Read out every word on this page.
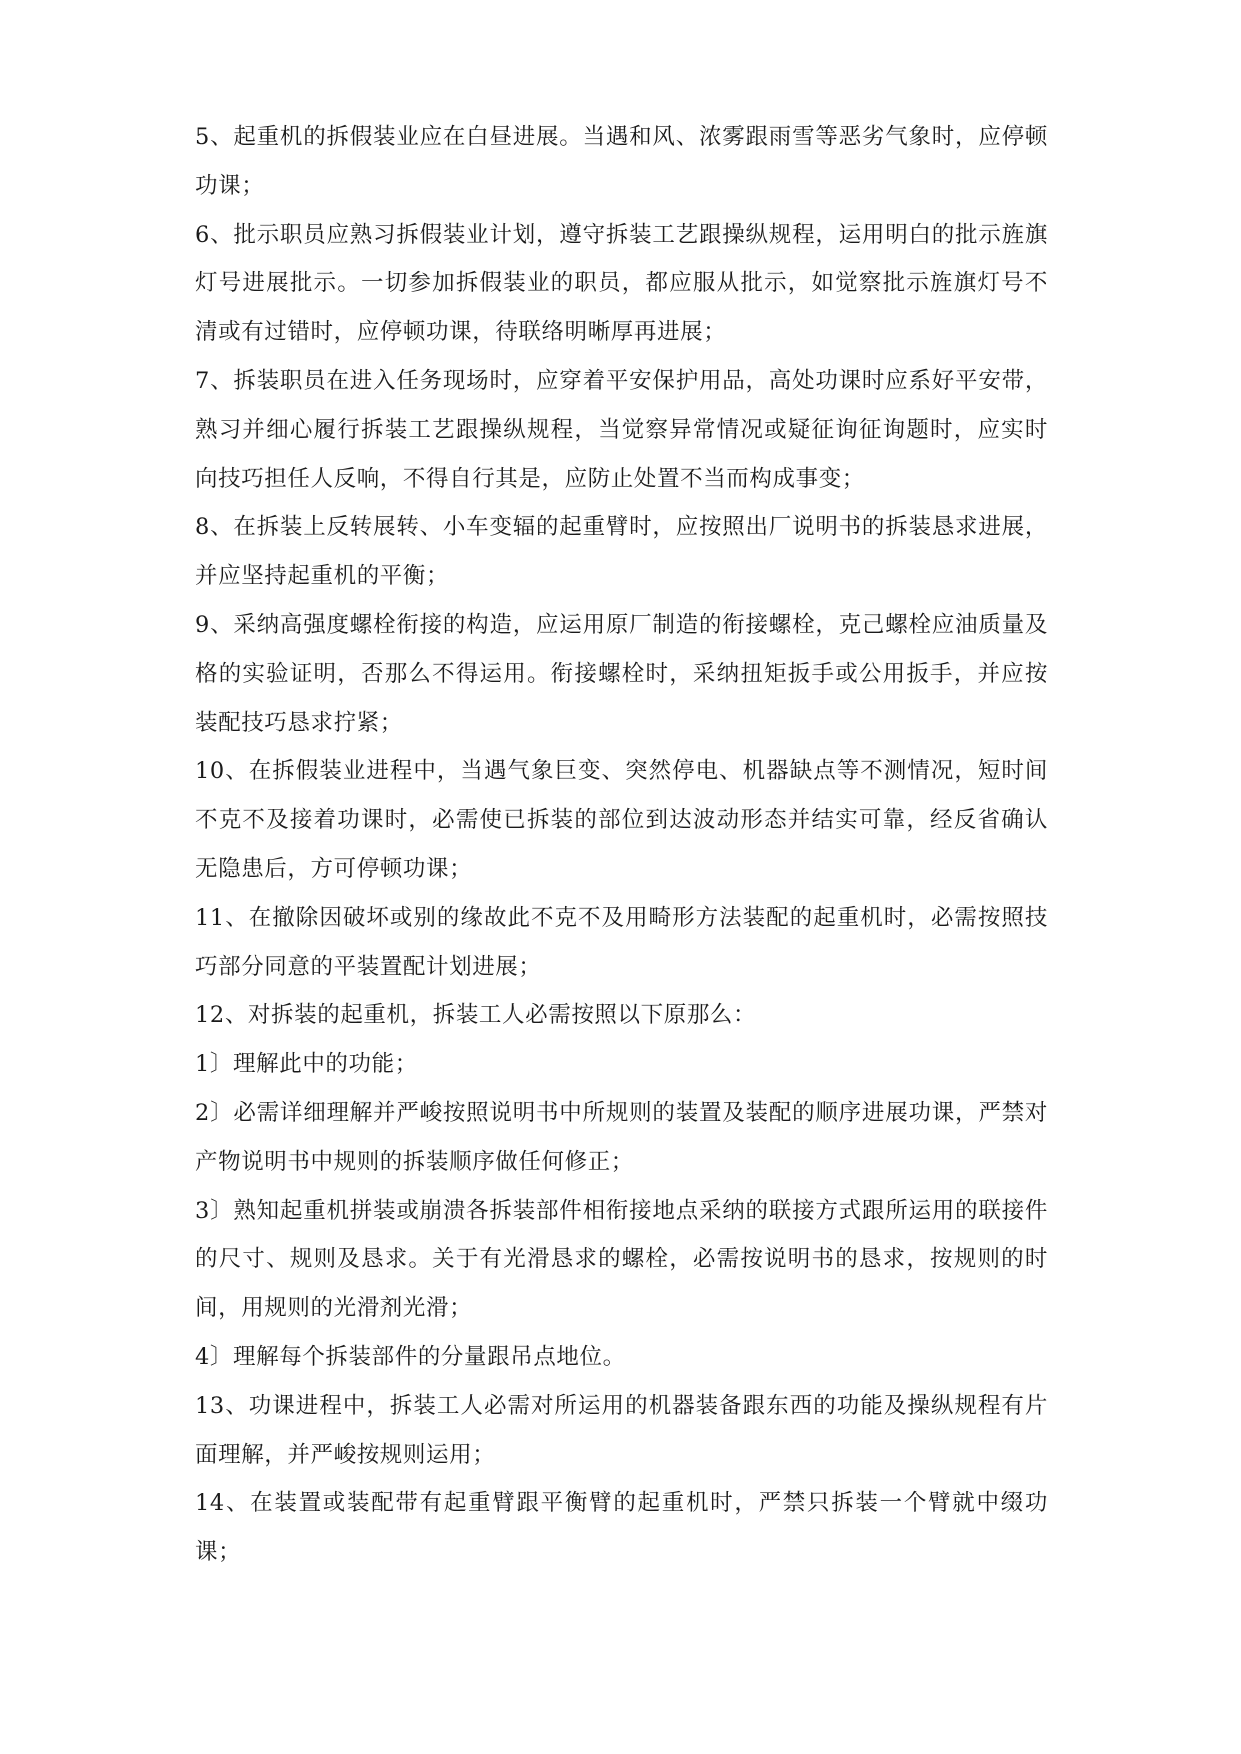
5、起重机的拆假装业应在白昼进展。当遇和风、浓雾跟雨雪等恶劣气象时，应停顿功课；

6、批示职员应熟习拆假装业计划，遵守拆装工艺跟操纵规程，运用明白的批示旌旗灯号进展批示。一切参加拆假装业的职员，都应服从批示，如觉察批示旌旗灯号不清或有过错时，应停顿功课，待联络明晰厚再进展；

7、拆装职员在进入任务现场时，应穿着平安保护用品，高处功课时应系好平安带，熟习并细心履行拆装工艺跟操纵规程，当觉察异常情况或疑征询征询题时，应实时向技巧担任人反响，不得自行其是，应防止处置不当而构成事变；

8、在拆装上反转展转、小车变辐的起重臂时，应按照出厂说明书的拆装恳求进展，并应坚持起重机的平衡；

9、采纳高强度螺栓衔接的构造，应运用原厂制造的衔接螺栓，克己螺栓应油质量及格的实验证明，否那么不得运用。衔接螺栓时，采纳扭矩扳手或公用扳手，并应按装配技巧恳求拧紧；

10、在拆假装业进程中，当遇气象巨变、突然停电、机器缺点等不测情况，短时间不克不及接着功课时，必需使已拆装的部位到达波动形态并结实可靠，经反省确认无隐患后，方可停顿功课；

11、在撤除因破坏或别的缘故此不克不及用畸形方法装配的起重机时，必需按照技巧部分同意的平装置配计划进展；

12、对拆装的起重机，拆装工人必需按照以下原那么：

1〕理解此中的功能；

2〕必需详细理解并严峻按照说明书中所规则的装置及装配的顺序进展功课，严禁对产物说明书中规则的拆装顺序做任何修正；

3〕熟知起重机拼装或崩溃各拆装部件相衔接地点采纳的联接方式跟所运用的联接件的尺寸、规则及恳求。关于有光滑恳求的螺栓，必需按说明书的恳求，按规则的时间，用规则的光滑剂光滑；

4〕理解每个拆装部件的分量跟吊点地位。

13、功课进程中，拆装工人必需对所运用的机器装备跟东西的功能及操纵规程有片面理解，并严峻按规则运用；

14、在装置或装配带有起重臂跟平衡臂的起重机时，严禁只拆装一个臂就中缀功课；
